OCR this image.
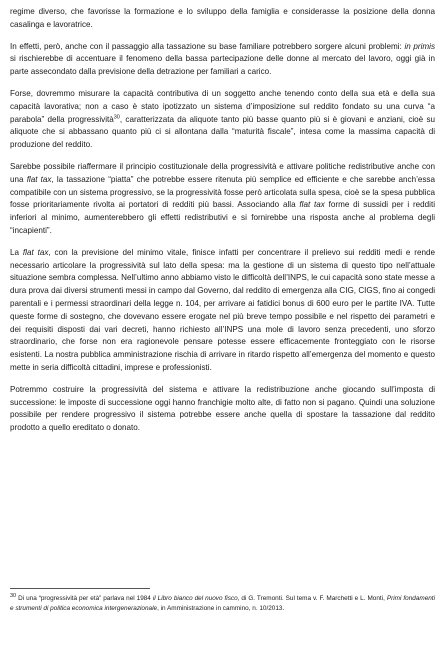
regime diverso, che favorisse la formazione e lo sviluppo della famiglia e considerasse la posizione della donna casalinga e lavoratrice.

In effetti, però, anche con il passaggio alla tassazione su base familiare potrebbero sorgere alcuni problemi: in primis si rischierebbe di accentuare il fenomeno della bassa partecipazione delle donne al mercato del lavoro, oggi già in parte assecondato dalla previsione della detrazione per familiari a carico.

Forse, dovremmo misurare la capacità contributiva di un soggetto anche tenendo conto della sua età e della sua capacità lavorativa; non a caso è stato ipotizzato un sistema d’imposizione sul reddito fondato su una curva “a parabola” della progressività$^{30}$, caratterizzata da aliquote tanto più basse quanto più si è giovani e anziani, cioè su aliquote che si abbassano quanto più ci si allontana dalla “maturità fiscale”, intesa come la massima capacità di produzione del reddito.

Sarebbe possibile riaffermare il principio costituzionale della progressività e attivare politiche redistributive anche con una flat tax, la tassazione “piatta” che potrebbe essere ritenuta più semplice ed efficiente e che sarebbe anch’essa compatibile con un sistema progressivo, se la progressività fosse però articolata sulla spesa, cioè se la spesa pubblica fosse prioritariamente rivolta ai portatori di redditi più bassi. Associando alla flat tax forme di sussidi per i redditi inferiori al minimo, aumenterebbero gli effetti redistributivi e si fornirebbe una risposta anche al problema degli “incapienti”.

La flat tax, con la previsione del minimo vitale, finisce infatti per concentrare il prelievo sui redditi medi e rende necessario articolare la progressività sul lato della spesa: ma la gestione di un sistema di questo tipo nell’attuale situazione sembra complessa. Nell’ultimo anno abbiamo visto le difficoltà dell’INPS, le cui capacità sono state messe a dura prova dai diversi strumenti messi in campo dal Governo, dal reddito di emergenza alla CIG, CIGS, fino ai congedi parentali e i permessi straordinari della legge n. 104, per arrivare ai fatidici bonus di 600 euro per le partite IVA. Tutte queste forme di sostegno, che dovevano essere erogate nel più breve tempo possibile e nel rispetto dei parametri e dei requisiti disposti dai vari decreti, hanno richiesto all’INPS una mole di lavoro senza precedenti, uno sforzo straordinario, che forse non era ragionevole pensare potesse essere efficacemente fronteggiato con le risorse esistenti. La nostra pubblica amministrazione rischia di arrivare in ritardo rispetto all’emergenza del momento e questo mette in seria difficoltà cittadini, imprese e professionisti.

Potremmo costruire la progressività del sistema e attivare la redistribuzione anche giocando sull’imposta di successione: le imposte di successione oggi hanno franchigie molto alte, di fatto non si pagano. Quindi una soluzione possibile per rendere progressivo il sistema potrebbe essere anche quella di spostare la tassazione dal reddito prodotto a quello ereditato o donato.

$^{30}$ Di una “progressività per età” parlava nel 1984 il Libro bianco del nuovo fisco, di G. Tremonti. Sul tema v. F. Marchetti e L. Monti, Primi fondamenti e strumenti di politica economica intergenerazionale, in Amministrazione in cammino, n. 10/2013.
